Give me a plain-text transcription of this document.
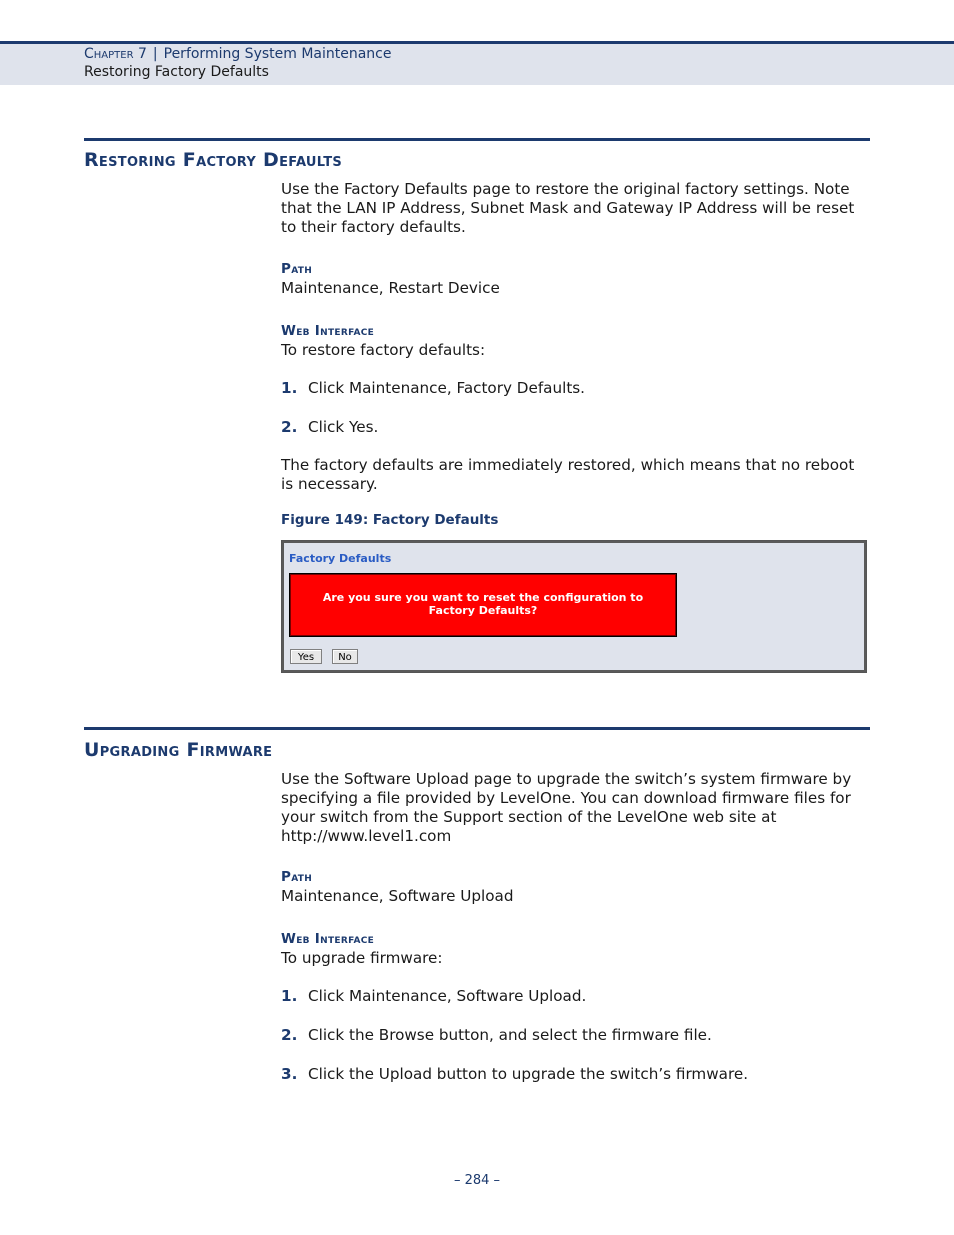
Chapter 7 | Performing System Maintenance
Restoring Factory Defaults
Restoring Factory Defaults
Use the Factory Defaults page to restore the original factory settings. Note that the LAN IP Address, Subnet Mask and Gateway IP Address will be reset to their factory defaults.
Path
Maintenance, Restart Device
Web Interface
To restore factory defaults:
1. Click Maintenance, Factory Defaults.
2. Click Yes.
The factory defaults are immediately restored, which means that no reboot is necessary.
Figure 149: Factory Defaults
Factory Defaults
Are you sure you want to reset the configuration to
Factory Defaults?
Yes	No
Upgrading Firmware
Use the Software Upload page to upgrade the switch’s system firmware by specifying a file provided by LevelOne. You can download firmware files for your switch from the Support section of the LevelOne web site at http://www.level1.com
Path
Maintenance, Software Upload
Web Interface
To upgrade firmware:
1. Click Maintenance, Software Upload.
2. Click the Browse button, and select the firmware file.
3. Click the Upload button to upgrade the switch’s firmware.
– 284 –
